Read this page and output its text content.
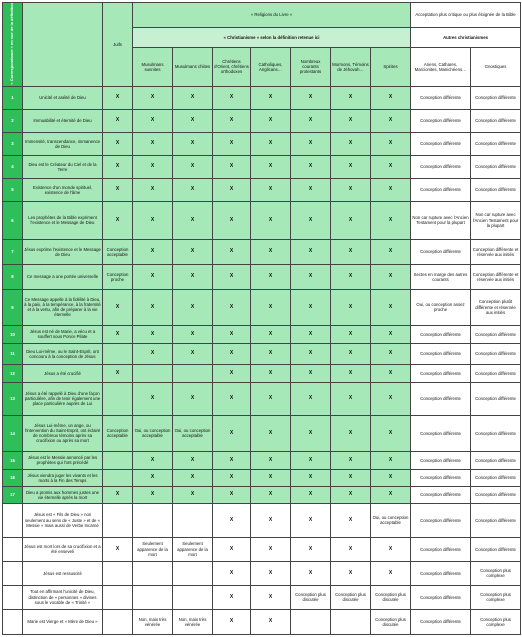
« Correspondance » en vue de la définition		Juifs	« Religions du Livre »							Acceptation plus critique ou plus éloignée de la Bible	
			« Christianisme » selon la définition retenue ici							Autres christianismes	
			Musulmans sunnites	Musulmans chiites	Chrétiens d'Orient, chrétiens orthodoxes	Catholiques, Anglicans…	Nombreux courants protestants	Mormons, Témoins de Jéhovah…	Spirites	Ariens, Cathares, Marcionites, Manichéens…	Gnostiques
1	Unicité et aséité de Dieu	X	X	X	X	X	X	X	X	Conception différente	Conception différente
2	Immuabilité et éternité de Dieu	X	X	X	X	X	X	X	X	Conception différente	Conception différente
3	Immensité, transcendance, immanence de Dieu	X	X	X	X	X	X	X	X	Conception différente	Conception différente
4	Dieu est le Créateur du Ciel et de la Terre	X	X	X	X	X	X	X	X	Conception différente	Conception différente
5	Existence d'un monde spirituel, existence de l'âme	X	X	X	X	X	X	X	X	Conception différente	Conception différente
6	Les prophètes de la Bible expriment l'existence et le Message de Dieu	X	X	X	X	X	X	X	X	Non car rupture avec l'Ancien Testament pour la plupart	Non car rupture avec l'Ancien Testament pour la plupart
7	Jésus exprime l'existence et le Message de Dieu	Conception acceptable	X	X	X	X	X	X	X	Conception différente	Conception différente et réservée aux initiés
8	Ce message a une portée universelle	Conception proche	X	X	X	X	X	X	X	Sectes en marge des autres courants	Conception différente et réservée aux initiés
9	Ce Message appelle à la fidélité à Dieu, à la paix, à la tempérance, à la fraternité et à la vertu, afin de préparer à la vie éternelle	X	X	X	X	X	X	X	X	Oui, ou conception assez proche	Conception plutôt différente et réservée aux initiés
10	Jésus est né de Marie, a vécu et a souffert sous Ponce Pilate	X	X	X	X	X	X	X	X	Conception différente	Conception différente
11	Dieu Lui-même, ou le Saint-Esprit, ont concouru à la conception de Jésus		X	X	X	X	X	X	X	Conception différente	Conception différente
12	Jésus a été crucifié	X			X	X	X	X	X	Conception différente	Conception différente
13	Jésus a été rappelé à Dieu d'une façon particulière, afin de tenir également une place particulière auprès de Lui		X	X	X	X	X	X	X	Conception différente	Conception différente
14	Jésus Lui-même, un ange, ou l'intervention du Saint-Esprit, ont éclairé de nombreux témoins après sa crucifixion ou après sa mort	Conception acceptable	Oui, ou conception acceptable	Oui, ou conception acceptable	X	X	X	X	X	Conception différente	Conception différente
15	Jésus est le Messie annoncé par les prophètes qui l'ont précédé		X	X	X	X	X	X	X	Conception différente	Conception différente
16	Jésus viendra juger les vivants et les morts à la Fin des Temps		X	X	X	X	X	X	X	Conception différente	Conception différente
17	Dieu a promis aux hommes justes une vie éternelle après la mort	X	X	X	X	X	X	X	X	Conception différente	Conception différente
	Jésus est « Fils de Dieu » non seulement au sens de « Juste » et de « Messie » mais aussi de Verbe Incarné				X	X	X	X	Oui, ou conception acceptable	Conception différente	Conception différente
	Jésus est mort lors de sa crucifixion et a été enseveli	X	Seulement apparence de la mort	Seulement apparence de la mort	X	X	X	X	X	Conception différente	Conception différente
	Jésus est ressuscité				X	X	X	X	X	Conception différente	Conception plus complexe
	Tout en affirmant l'unicité de Dieu, distinction de « personnes » divines sous le vocable de « Trinité »				X	X	Conception plus discutée	Conception plus discutée	Conception plus discutée	Conception différente	Conception plus complexe
	Marie est Vierge et « Mère de Dieu »		Non, mais très vénérée	Non, mais très vénérée	X	X			Conception plus discutée	Conception différente	Conception plus complexe
